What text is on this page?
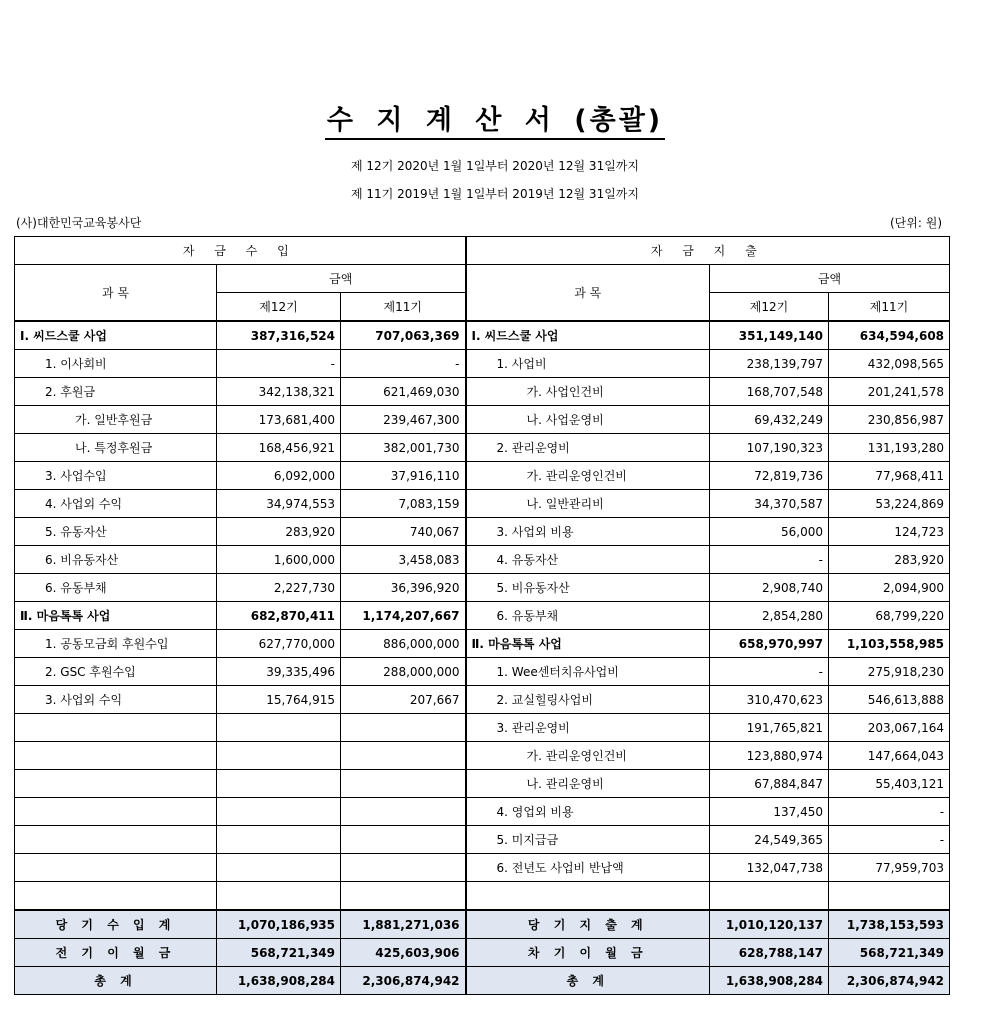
수 지 계 산 서 (총괄)
제 12기 2020년 1월 1일부터 2020년 12월 31일까지
제 11기 2019년 1월 1일부터 2019년 12월 31일까지
(사)대한민국교육봉사단	(단위: 원)
자 금 수 입			자 금 지 출		
과 목	금액		과 목	금액	
	제12기	제11기		제12기	제11기
Ⅰ. 씨드스쿨 사업	387,316,524	707,063,369	Ⅰ. 씨드스쿨 사업	351,149,140	634,594,608
1. 이사회비	-	-	1. 사업비	238,139,797	432,098,565
2. 후원금	342,138,321	621,469,030	가. 사업인건비	168,707,548	201,241,578
가. 일반후원금	173,681,400	239,467,300	나. 사업운영비	69,432,249	230,856,987
나. 특정후원금	168,456,921	382,001,730	2. 관리운영비	107,190,323	131,193,280
3. 사업수입	6,092,000	37,916,110	가. 관리운영인건비	72,819,736	77,968,411
4. 사업외 수익	34,974,553	7,083,159	나. 일반관리비	34,370,587	53,224,869
5. 유동자산	283,920	740,067	3. 사업외 비용	56,000	124,723
6. 비유동자산	1,600,000	3,458,083	4. 유동자산	-	283,920
6. 유동부채	2,227,730	36,396,920	5. 비유동자산	2,908,740	2,094,900
Ⅱ. 마음톡톡 사업	682,870,411	1,174,207,667	6. 유동부채	2,854,280	68,799,220
1. 공동모금회 후원수입	627,770,000	886,000,000	Ⅱ. 마음톡톡 사업	658,970,997	1,103,558,985
2. GSC 후원수입	39,335,496	288,000,000	1. Wee센터치유사업비	-	275,918,230
3. 사업외 수익	15,764,915	207,667	2. 교실힐링사업비	310,470,623	546,613,888
			3. 관리운영비	191,765,821	203,067,164
			가. 관리운영인건비	123,880,974	147,664,043
			나. 관리운영비	67,884,847	55,403,121
			4. 영업외 비용	137,450	-
			5. 미지급금	24,549,365	-
			6. 전년도 사업비 반납액	132,047,738	77,959,703

당 기 수 입 계	1,070,186,935	1,881,271,036	당 기 지 출 계	1,010,120,137	1,738,153,593
전 기 이 월 금	568,721,349	425,603,906	차 기 이 월 금	628,788,147	568,721,349
총 계	1,638,908,284	2,306,874,942	총 계	1,638,908,284	2,306,874,942
